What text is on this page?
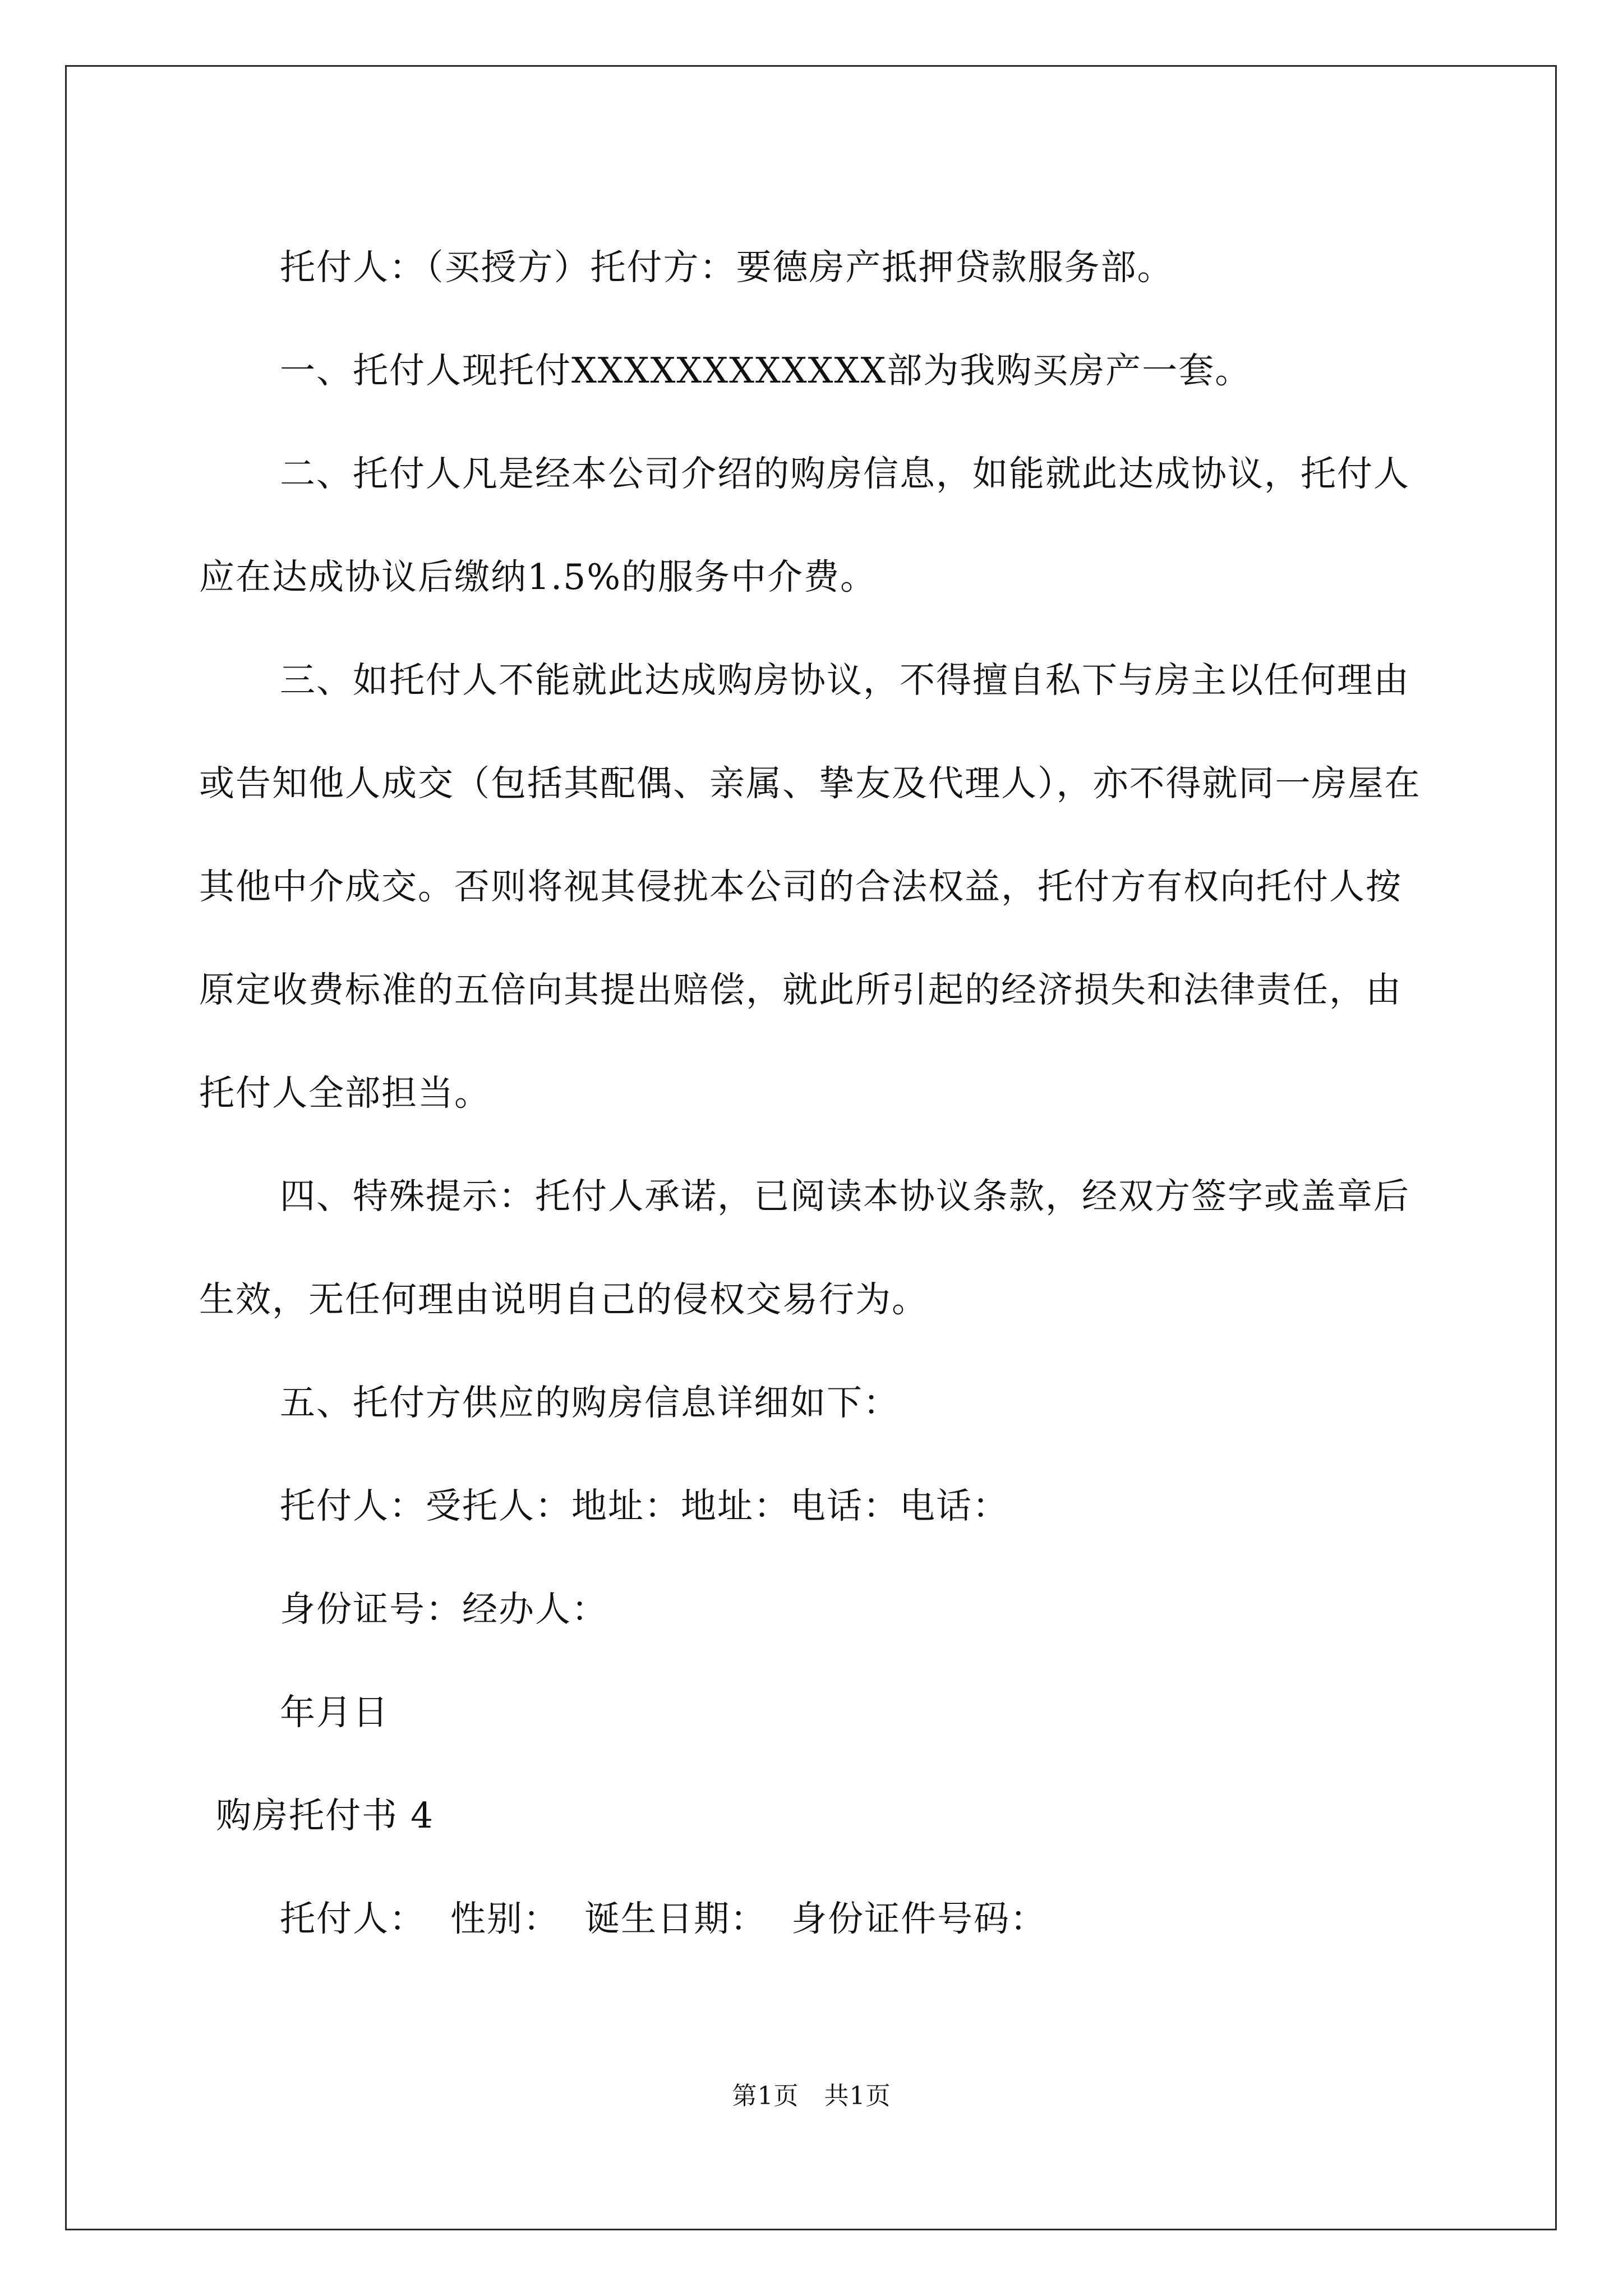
托付人：（买授方）托付方：要德房产抵押贷款服务部。

一、托付人现托付XXXXXXXXXXXX部为我购买房产一套。

二、托付人凡是经本公司介绍的购房信息，如能就此达成协议，托付人应在达成协议后缴纳1.5%的服务中介费。

三、如托付人不能就此达成购房协议，不得擅自私下与房主以任何理由或告知他人成交（包括其配偶、亲属、挚友及代理人），亦不得就同一房屋在其他中介成交。否则将视其侵扰本公司的合法权益，托付方有权向托付人按原定收费标准的五倍向其提出赔偿，就此所引起的经济损失和法律责任，由托付人全部担当。

四、特殊提示：托付人承诺，已阅读本协议条款，经双方签字或盖章后生效，无任何理由说明自己的侵权交易行为。

五、托付方供应的购房信息详细如下：

托付人：受托人：地址：地址：电话：电话：

身份证号：经办人：

年月日

购房托付书 4

托付人：  性别：  诞生日期：  身份证件号码：

第1页   共1页
